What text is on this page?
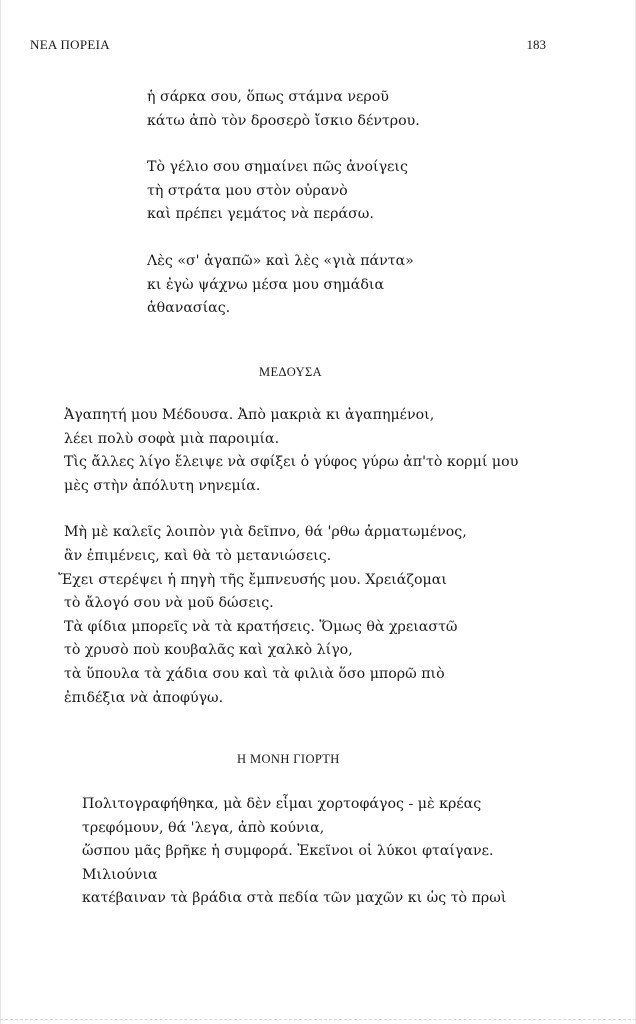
ΝΕΑ ΠΟΡΕΙΑ	183
ἡ σάρκα σου, ὅπως στάμνα νεροῦ
κάτω ἀπὸ τὸν δροσερὸ ἴσκιο δέντρου.
Τὸ γέλιο σου σημαίνει πῶς ἀνοίγεις
τὴ στράτα μου στὸν οὐρανὸ
καὶ πρέπει γεμάτος νὰ περάσω.
Λὲς «σ' ἀγαπῶ» καὶ λὲς «γιὰ πάντα»
κι ἐγὼ ψάχνω μέσα μου σημάδια
ἀθανασίας.
ΜΕΔΟΥΣΑ
Ἀγαπητή μου Μέδουσα. Ἀπὸ μακριὰ κι ἀγαπημένοι,
λέει πολὺ σοφὰ μιὰ παροιμία.
Τὶς ἄλλες λίγο ἔλειψε νὰ σφίξει ὁ γύφος γύρω ἀπ'τὸ κορμί μου
μὲς στὴν ἀπόλυτη νηνεμία.
Μὴ μὲ καλεῖς λοιπὸν γιὰ δεῖπνο, θά 'ρθω ἀρματωμένος,
ἂν ἐπιμένεις, καὶ θὰ τὸ μετανιώσεις.
Ἔχει στερέψει ἡ πηγὴ τῆς ἔμπνευσής μου. Χρειάζομαι
τὸ ἄλογό σου νὰ μοῦ δώσεις.
Τὰ φίδια μπορεῖς νὰ τὰ κρατήσεις. Ὅμως θὰ χρειαστῶ
τὸ χρυσὸ ποὺ κουβαλᾶς καὶ χαλκὸ λίγο,
τὰ ὕπουλα τὰ χάδια σου καὶ τὰ φιλιὰ ὅσο μπορῶ πιὸ
ἐπιδέξια νὰ ἀποφύγω.
Η ΜΟΝΗ ΓΙΟΡΤΗ
Πολιτογραφήθηκα, μὰ δὲν εἶμαι χορτοφάγος - μὲ κρέας
τρεφόμουν, θά 'λεγα, ἀπὸ κούνια,
ὥσπου μᾶς βρῆκε ἡ συμφορά. Ἐκεῖνοι οἱ λύκοι φταίγανε.
Μιλιούνια
κατέβαιναν τὰ βράδια στὰ πεδία τῶν μαχῶν κι ὡς τὸ πρωὶ
